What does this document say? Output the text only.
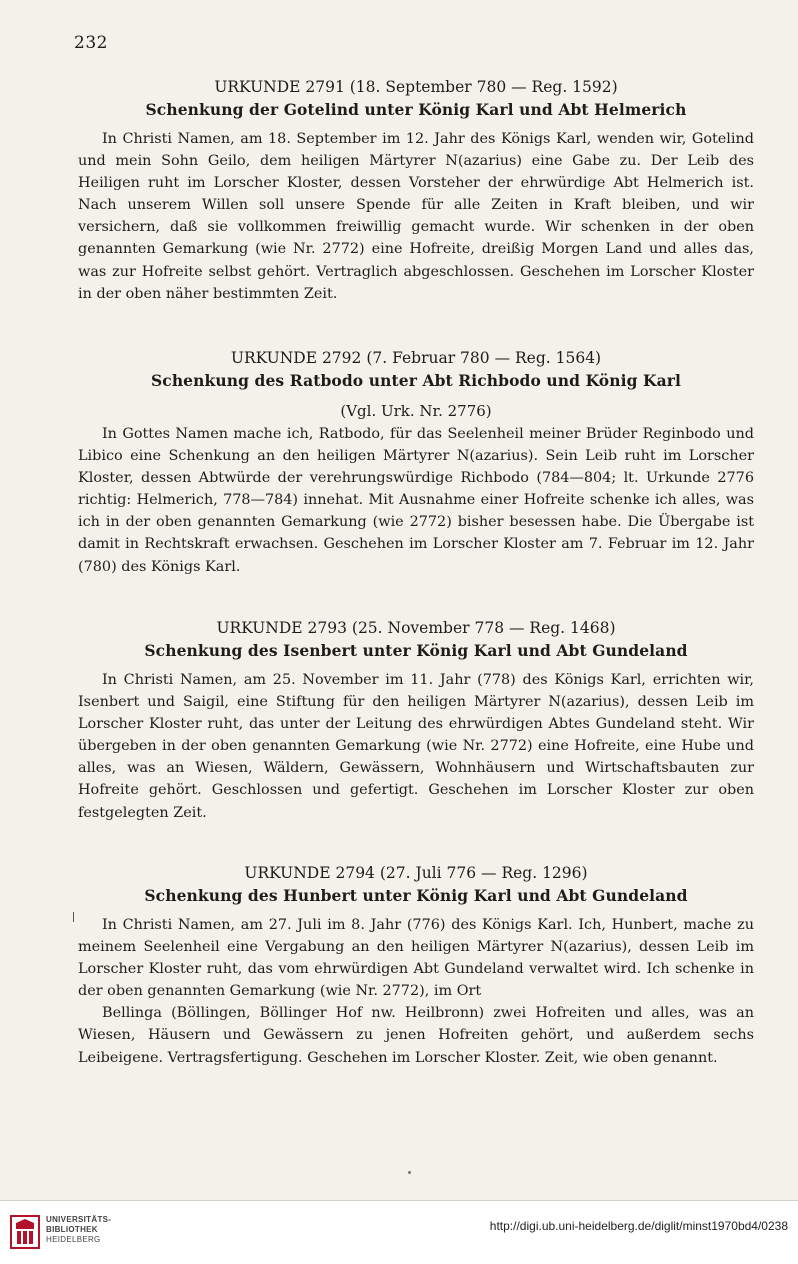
232

URKUNDE 2791 (18. September 780 — Reg. 1592)

Schenkung der Gotelind unter König Karl und Abt Helmerich

In Christi Namen, am 18. September im 12. Jahr des Königs Karl, wenden wir, Gotelind und mein Sohn Geilo, dem heiligen Märtyrer N(azarius) eine Gabe zu. Der Leib des Heiligen ruht im Lorscher Kloster, dessen Vorsteher der ehrwürdige Abt Helmerich ist. Nach unserem Willen soll unsere Spende für alle Zeiten in Kraft bleiben, und wir versichern, daß sie vollkommen freiwillig gemacht wurde. Wir schenken in der oben genannten Gemarkung (wie Nr. 2772) eine Hofreite, dreißig Morgen Land und alles das, was zur Hofreite selbst gehört. Vertraglich abgeschlossen. Geschehen im Lorscher Kloster in der oben näher bestimmten Zeit.

URKUNDE 2792 (7. Februar 780 — Reg. 1564)

Schenkung des Ratbodo unter Abt Richbodo und König Karl

(Vgl. Urk. Nr. 2776)

In Gottes Namen mache ich, Ratbodo, für das Seelenheil meiner Brüder Reginbodo und Libico eine Schenkung an den heiligen Märtyrer N(azarius). Sein Leib ruht im Lorscher Kloster, dessen Abtwürde der verehrungswürdige Richbodo (784—804; lt. Urkunde 2776 richtig: Helmerich, 778—784) innehat. Mit Ausnahme einer Hofreite schenke ich alles, was ich in der oben genannten Gemarkung (wie 2772) bisher besessen habe. Die Übergabe ist damit in Rechtskraft erwachsen. Geschehen im Lorscher Kloster am 7. Februar im 12. Jahr (780) des Königs Karl.

URKUNDE 2793 (25. November 778 — Reg. 1468)

Schenkung des Isenbert unter König Karl und Abt Gundeland

In Christi Namen, am 25. November im 11. Jahr (778) des Königs Karl, errichten wir, Isenbert und Saigil, eine Stiftung für den heiligen Märtyrer N(azarius), dessen Leib im Lorscher Kloster ruht, das unter der Leitung des ehrwürdigen Abtes Gundeland steht. Wir übergeben in der oben genannten Gemarkung (wie Nr. 2772) eine Hofreite, eine Hube und alles, was an Wiesen, Wäldern, Gewässern, Wohnhäusern und Wirtschaftsbauten zur Hofreite gehört. Geschlossen und gefertigt. Geschehen im Lorscher Kloster zur oben festgelegten Zeit.

URKUNDE 2794 (27. Juli 776 — Reg. 1296)

Schenkung des Hunbert unter König Karl und Abt Gundeland

In Christi Namen, am 27. Juli im 8. Jahr (776) des Königs Karl. Ich, Hunbert, mache zu meinem Seelenheil eine Vergabung an den heiligen Märtyrer N(azarius), dessen Leib im Lorscher Kloster ruht, das vom ehrwürdigen Abt Gundeland verwaltet wird. Ich schenke in der oben genannten Gemarkung (wie Nr. 2772), im Ort

Bellinga (Böllingen, Böllinger Hof nw. Heilbronn) zwei Hofreiten und alles, was an Wiesen, Häusern und Gewässern zu jenen Hofreiten gehört, und außerdem sechs Leibeigene. Vertragsfertigung. Geschehen im Lorscher Kloster. Zeit, wie oben genannt.

UNIVERSITÄTS-
BIBLIOTHEK
HEIDELBERG
http://digi.ub.uni-heidelberg.de/diglit/minst1970bd4/0238
